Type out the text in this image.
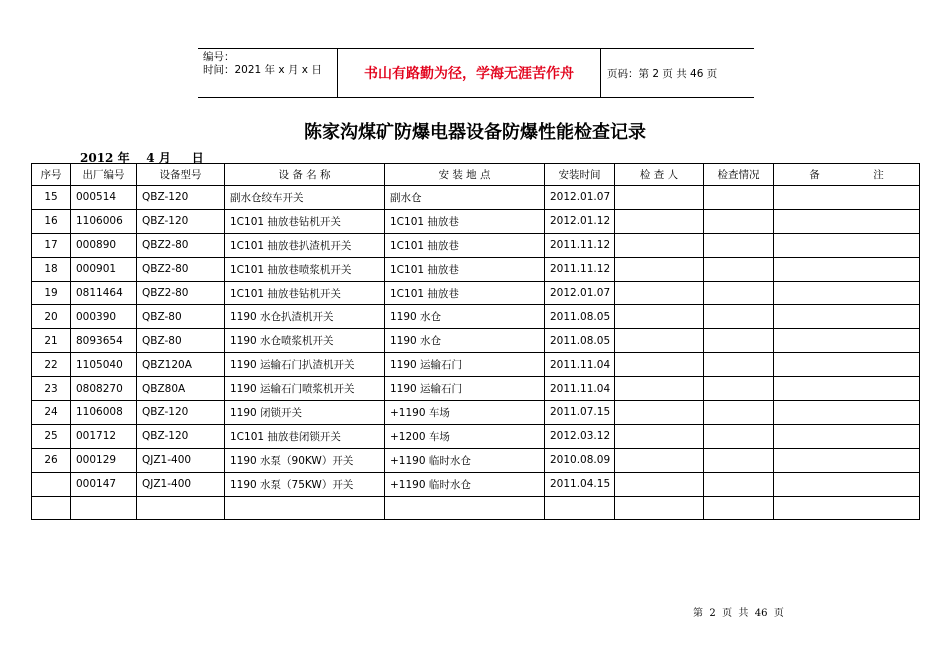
编号：
时间：2021 年 x 月 x 日	书山有路勤为径，学海无涯苦作舟	页码：第 2 页 共 46 页
陈家沟煤矿防爆电器设备防爆性能检查记录
2012 年    4 月     日
序号	出厂编号	设备型号	设 备 名 称	安 装 地 点	安装时间	检 查 人	检查情况	备                注
15	000514	QBZ-120	副水仓绞车开关	副水仓	2012.01.07			
16	1106006	QBZ-120	1C101 抽放巷钻机开关	1C101 抽放巷	2012.01.12			
17	000890	QBZ2-80	1C101 抽放巷扒渣机开关	1C101 抽放巷	2011.11.12			
18	000901	QBZ2-80	1C101 抽放巷喷浆机开关	1C101 抽放巷	2011.11.12			
19	0811464	QBZ2-80	1C101 抽放巷钻机开关	1C101 抽放巷	2012.01.07			
20	000390	QBZ-80	1190 水仓扒渣机开关	1190 水仓	2011.08.05			
21	8093654	QBZ-80	1190 水仓喷浆机开关	1190 水仓	2011.08.05			
22	1105040	QBZ120A	1190 运输石门扒渣机开关	1190 运输石门	2011.11.04			
23	0808270	QBZ80A	1190 运输石门喷浆机开关	1190 运输石门	2011.11.04			
24	1106008	QBZ-120	1190 闭锁开关	+1190 车场	2011.07.15			
25	001712	QBZ-120	1C101 抽放巷闭锁开关	+1200 车场	2012.03.12			
26	000129	QJZ1-400	1190 水泵（90KW）开关	+1190 临时水仓	2010.08.09			
	000147	QJZ1-400	1190 水泵（75KW）开关	+1190 临时水仓	2011.04.15			

第  2  页  共  46  页
